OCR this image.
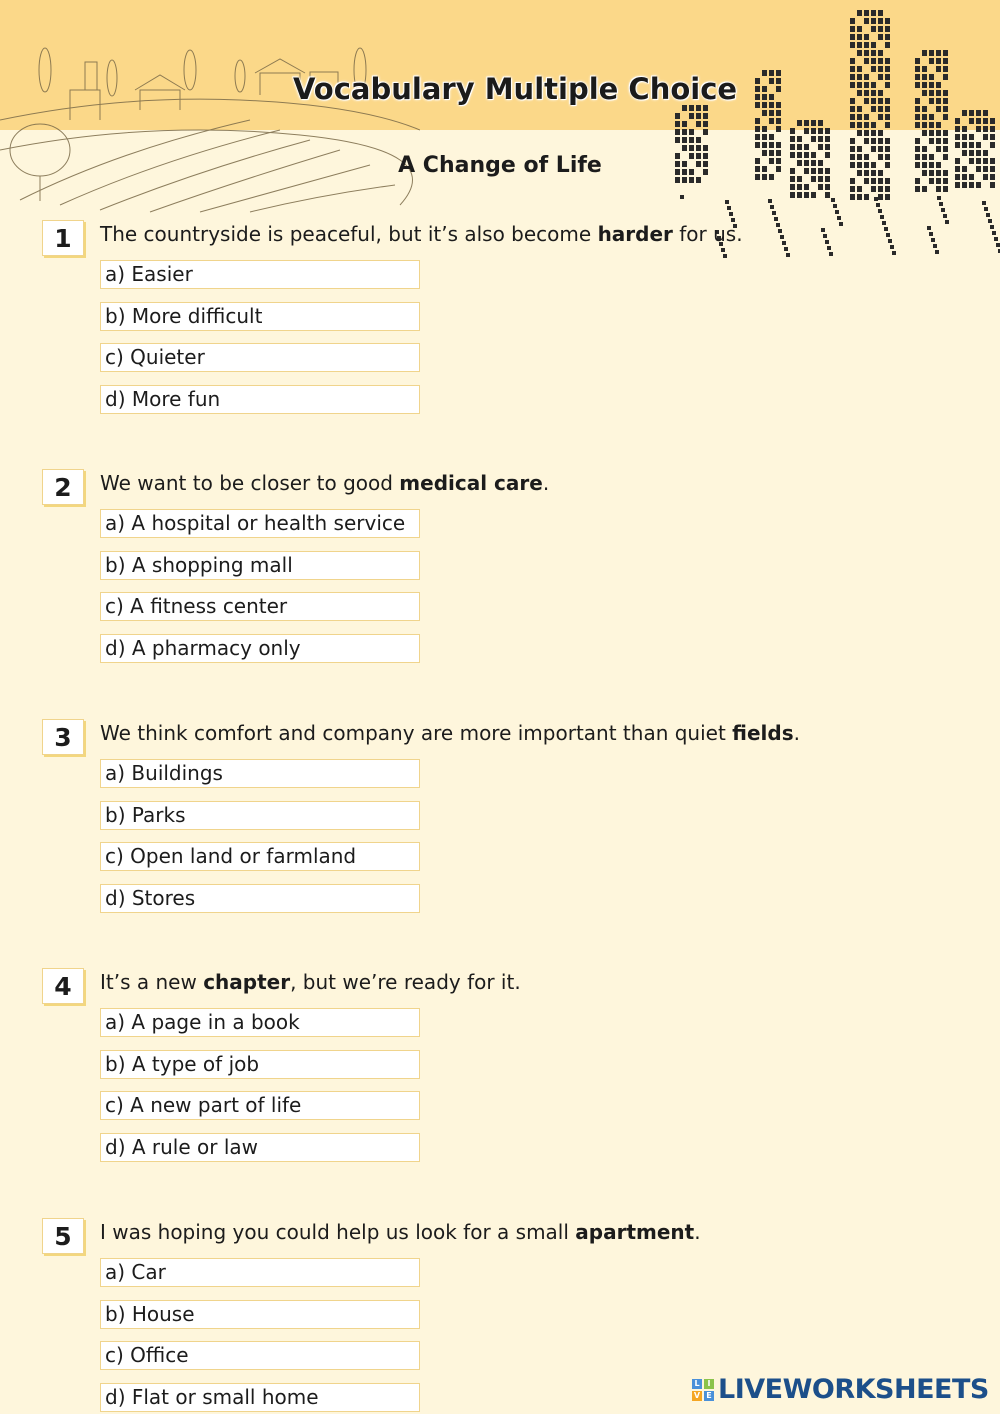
Vocabulary Multiple Choice
A Change of Life
1	The countryside is peaceful, but it’s also become harder for us.
a) Easier
b) More difficult
c) Quieter
d) More fun
2	We want to be closer to good medical care.
a) A hospital or health service
b) A shopping mall
c) A fitness center
d) A pharmacy only
3	We think comfort and company are more important than quiet fields.
a) Buildings
b) Parks
c) Open land or farmland
d) Stores
4	It’s a new chapter, but we’re ready for it.
a) A page in a book
b) A type of job
c) A new part of life
d) A rule or law
5	I was hoping you could help us look for a small apartment.
a) Car
b) House
c) Office
d) Flat or small home
L I
V E LIVEWORKSHEETS
